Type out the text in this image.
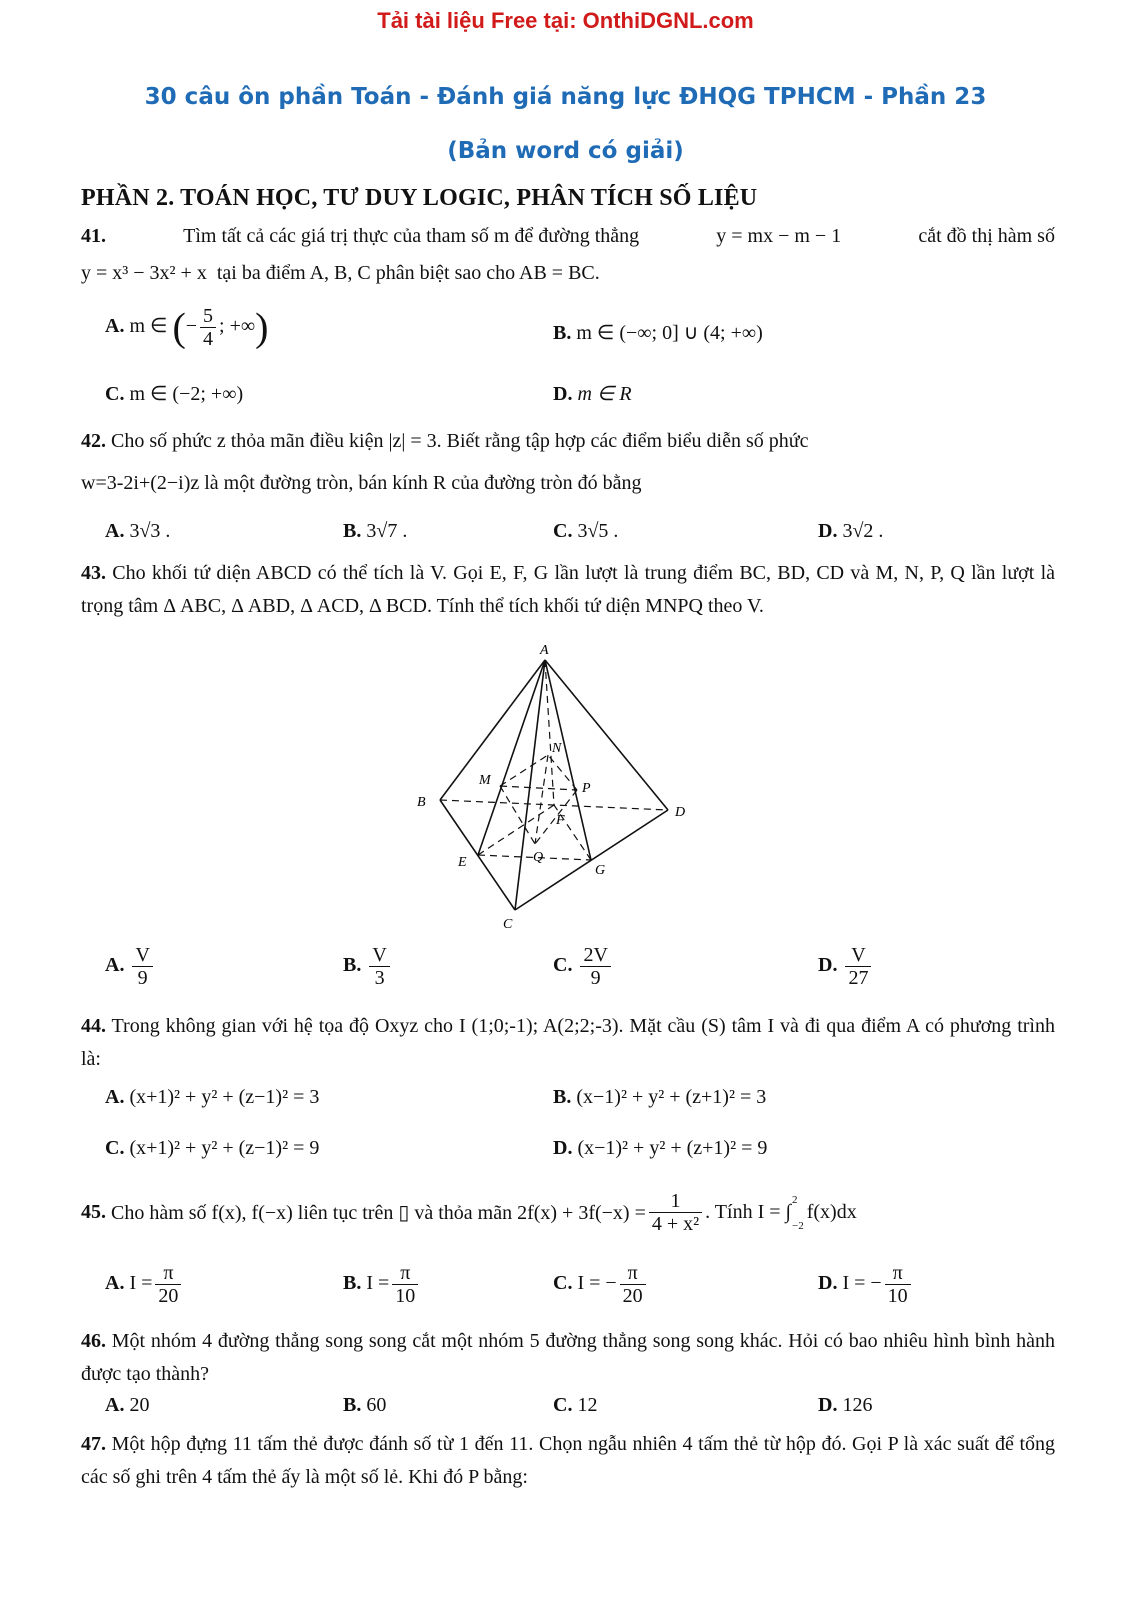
Tải tài liệu Free tại: OnthiDGNL.com
30 câu ôn phần Toán - Đánh giá năng lực ĐHQG TPHCM - Phần 23
(Bản word có giải)
PHẦN 2. TOÁN HỌC, TƯ DUY LOGIC, PHÂN TÍCH SỐ LIỆU
41.	Tìm tất cả các giá trị thực của tham số m để đường thẳng	y = mx − m − 1	cắt đồ thị hàm số
y = x³ − 3x² + x tại ba điểm A, B, C phân biệt sao cho AB = BC.
A. m ∈ (− $\frac{5}{4}$ ; +∞)	B. m ∈ (−∞; 0] ∪ (4; +∞)
C. m ∈ (−2; +∞)	D. m ∈ R
42. Cho số phức z thỏa mãn điều kiện |z| = 3. Biết rằng tập hợp các điểm biểu diễn số phức
w=3-2i+(2−i)z là một đường tròn, bán kính R của đường tròn đó bằng
A. 3√3 .	B. 3√7 .	C. 3√5 .	D. 3√2 .
43. Cho khối tứ diện ABCD có thể tích là V. Gọi E, F, G lần lượt là trung điểm BC, BD, CD và M, N, P, Q lần lượt là trọng tâm Δ ABC, Δ ABD, Δ ACD, Δ BCD. Tính thể tích khối tứ diện MNPQ theo V.
A
B
C
D
E
F
G
M
N
P
Q
A. $\frac{V}{9}$	B. $\frac{V}{3}$	C. $\frac{2V}{9}$	D. $\frac{V}{27}$
44. Trong không gian với hệ tọa độ Oxyz cho I (1;0;-1); A(2;2;-3). Mặt cầu (S) tâm I và đi qua điểm A có phương trình là:
A. (x+1)² + y² + (z−1)² = 3	B. (x−1)² + y² + (z+1)² = 3
C. (x+1)² + y² + (z−1)² = 9	D. (x−1)² + y² + (z+1)² = 9
45.
Cho hàm số f(x), f(−x) liên tục trên ▯ và thỏa mãn $2f(x) + 3f(-x) = \frac{1}{\text{4 + x²}}$ . Tính I = ∫
2
−2
f(x)dx
A. $I = \frac{\pi}{20}$	B. $I = \frac{\pi}{10}$	C. I = − $\frac{\pi}{20}$	D. I = − $\frac{\pi}{10}$
46. Một nhóm 4 đường thẳng song song cắt một nhóm 5 đường thẳng song song khác. Hỏi có bao nhiêu hình bình hành được tạo thành?
A. 20	B. 60	C. 12	D. 126
47. Một hộp đựng 11 tấm thẻ được đánh số từ 1 đến 11. Chọn ngẫu nhiên 4 tấm thẻ từ hộp đó. Gọi P là xác suất để tổng các số ghi trên 4 tấm thẻ ấy là một số lẻ. Khi đó P bằng:
